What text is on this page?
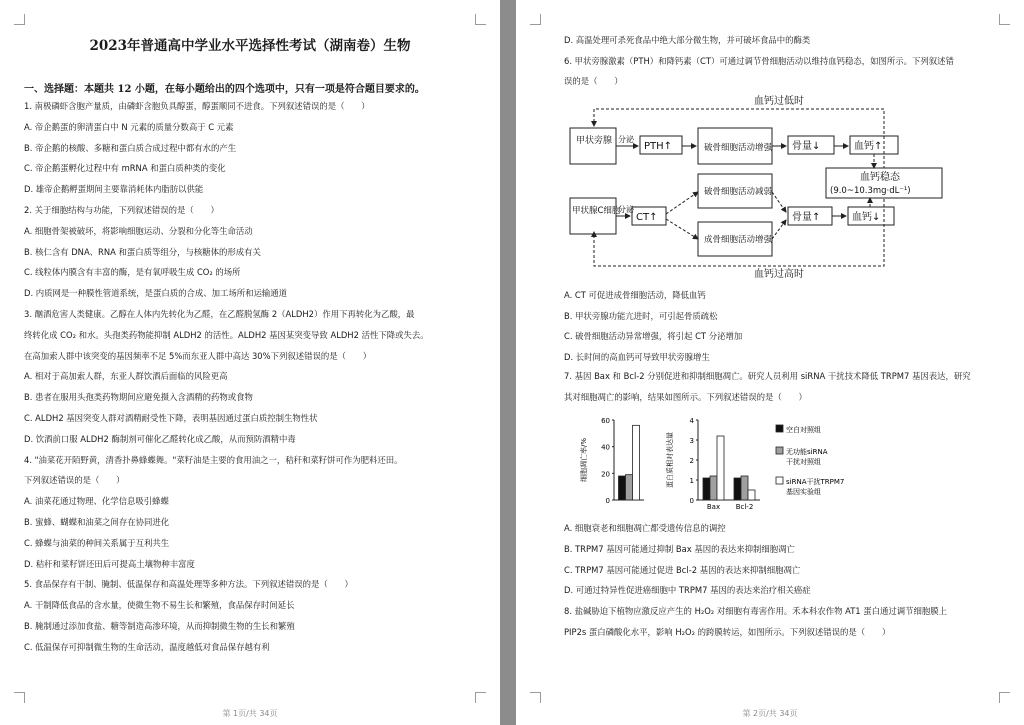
2023年普通高中学业水平选择性考试（湖南卷）生物
一、选择题：本题共 12 小题，在每小题给出的四个选项中，只有一项是符合题目要求的。
1. 南极磷虾含胞产量质，由磷虾含胞负具醇蛋，醇蛋顺同不进食。下列叙述错误的是（　　）
A. 帝企鹅蛋的卵清蛋白中 N 元素的质量分数高于 C 元素
B. 帝企鹅的核酸、多糖和蛋白质合成过程中都有水的产生
C. 帝企鹅蛋孵化过程中有 mRNA 和蛋白质种类的变化
D. 雄帝企鹅孵蛋期间主要靠消耗体内脂肪以供能
2. 关于细胞结构与功能，下列叙述错误的是（　　）
A. 细胞骨架被破坏，将影响细胞运动、分裂和分化等生命活动
B. 核仁含有 DNA、RNA 和蛋白质等组分，与核糖体的形成有关
C. 线粒体内膜含有丰富的酶，是有氧呼吸生成 CO₂ 的场所
D. 内质网是一种膜性管道系统，是蛋白质的合成、加工场所和运输通道
3. 酗酒危害人类健康。乙醇在人体内先转化为乙醛，在乙醛脱氢酶 2（ALDH2）作用下再转化为乙酸，最
终转化成 CO₂ 和水。头孢类药物能抑制 ALDH2 的活性。ALDH2 基因某突变导致 ALDH2 活性下降或失去。
在高加索人群中该突变的基因频率不足 5%而东亚人群中高达 30%下列叙述错误的是（　　）
A. 相对于高加索人群，东亚人群饮酒后面临的风险更高
B. 患者在服用头孢类药物期间应避免摄入含酒精的药物或食物
C. ALDH2 基因突变人群对酒精耐受性下降，表明基因通过蛋白质控制生物性状
D. 饮酒前口服 ALDH2 酶制剂可催化乙醛转化成乙酸，从而预防酒精中毒
4. "油菜花开陌野黄，清香扑鼻蜂蝶舞。"菜籽油是主要的食用油之一，秸秆和菜籽饼可作为肥料还田。
下列叙述错误的是（　　）
A. 油菜花通过物理、化学信息吸引蜂蝶
B. 蜜蜂、蝴蝶和油菜之间存在协同进化
C. 蜂蝶与油菜的种间关系属于互利共生
D. 秸秆和菜籽饼还田后可提高土壤物种丰富度
5. 食品保存有干制、腌制、低温保存和高温处理等多种方法。下列叙述错误的是（　　）
A. 干制降低食品的含水量，使微生物不易生长和繁殖，食品保存时间延长
B. 腌制通过添加食盐、糖等制造高渗环境，从而抑制微生物的生长和繁殖
C. 低温保存可抑制微生物的生命活动，温度越低对食品保存越有利
第 1页/共 34页
D. 高温处理可杀死食品中绝大部分微生物，并可破坏食品中的酶类
6. 甲状旁腺激素（PTH）和降钙素（CT）可通过调节骨细胞活动以维持血钙稳态，如图所示。下列叙述错
误的是（　　）
血钙过低时
血钙过高时
甲状旁腺 分泌
PTH↑	破骨细胞活动增强 骨量↓	血钙↑
血钙稳态
(9.0~10.3mg·dL⁻¹)
甲状腺C细胞
分泌
CT↑
破骨细胞活动减弱
成骨细胞活动增强
骨量↑	血钙↓
A. CT 可促进成骨细胞活动，降低血钙
B. 甲状旁腺功能亢进时，可引起骨质疏松
C. 破骨细胞活动异常增强，将引起 CT 分泌增加
D. 长时间的高血钙可导致甲状旁腺增生
7. 基因 Bax 和 Bcl-2 分别促进和抑制细胞凋亡。研究人员利用 siRNA 干扰技术降低 TRPM7 基因表达，研究
其对细胞凋亡的影响，结果如图所示。下列叙述错误的是（　　）
0
20
40
60
细胞凋亡率/%
0
1
2
3
4
蛋白质相对表达量
Bax Bcl-2
空白对照组
无功能siRNA
干扰对照组
siRNA干扰TRPM7
基因实验组
A. 细胞衰老和细胞凋亡都受遗传信息的调控
B. TRPM7 基因可能通过抑制 Bax 基因的表达来抑制细胞凋亡
C. TRPM7 基因可能通过促进 Bcl-2 基因的表达来抑制细胞凋亡
D. 可通过特异性促进癌细胞中 TRPM7 基因的表达来治疗相关癌症
8. 盐碱胁迫下植物应激反应产生的 H₂O₂ 对细胞有毒害作用。禾本科农作物 AT1 蛋白通过调节细胞膜上
PIP2s 蛋白磷酸化水平，影响 H₂O₂ 的跨膜转运，如图所示。下列叙述错误的是（　　）
第 2页/共 34页
